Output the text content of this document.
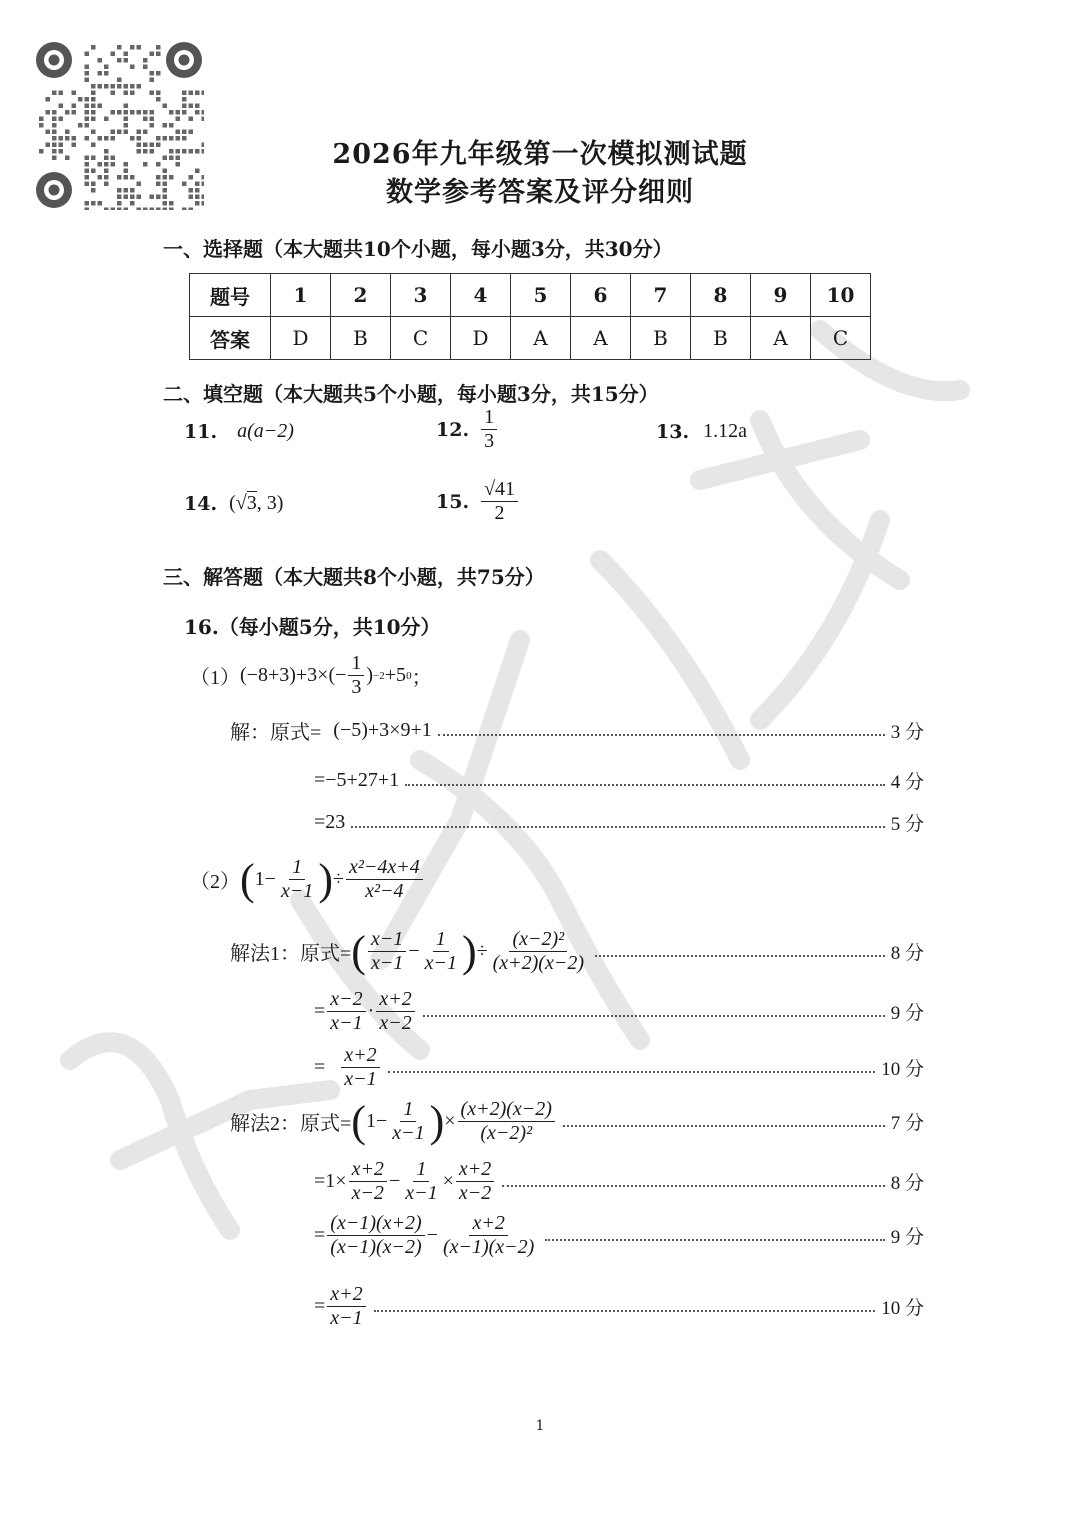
2026年九年级第一次模拟测试题
数学参考答案及评分细则
一、选择题（本大题共10个小题，每小题3分，共30分）
题号	1	2	3	4	5	6	7	8	9	10
答案	D	B	C	D	A	A	B	B	A	C
二、填空题（本大题共5个小题，每小题3分，共15分）
11. a(a−2)	12.
1
3	13. 1.12a
14. (√3, 3)	15.
√41
2
三、解答题（本大题共8个小题，共75分）
16.（每小题5分，共10分）
（1） $(-8+3)+3\times(- \frac{1}{3}$ ) −2 +5 0 ；
解：原式= (−5)+3×9+1	3 分
=−5+27+1	4 分
=23	5 分
（2） ( $1- \frac{1}{x-1}$ ) ÷ $\frac{\text{x²−4x+4}}{\text{x²−4}}$
解法1：原式= ( x−1
x−1
− $\frac{1}{x-1}$ ) ÷ $\frac{\text{(x−2)²}}{(x+2)(x-2)}$	8 分
= $\frac{x-2}{x-1}$ ·
x+2
x−2	9 分
= $\frac{x+2}{x-1}$	10 分
解法2：原式= ( $1- \frac{1}{x-1}$ ) × $\frac{(x+2)(x-2)}{\text{(x−2)²}}$	7 分
$=1\times \frac{x+2}{x-2} - \frac{1}{x-1} \times \frac{x+2}{x-2}$	8 分
= $\frac{(x-1)(x+2)}{(x-1)(x-2)} - \frac{x+2}{(x-1)(x-2)}$	9 分
= $\frac{x+2}{x-1}$	10 分
1
